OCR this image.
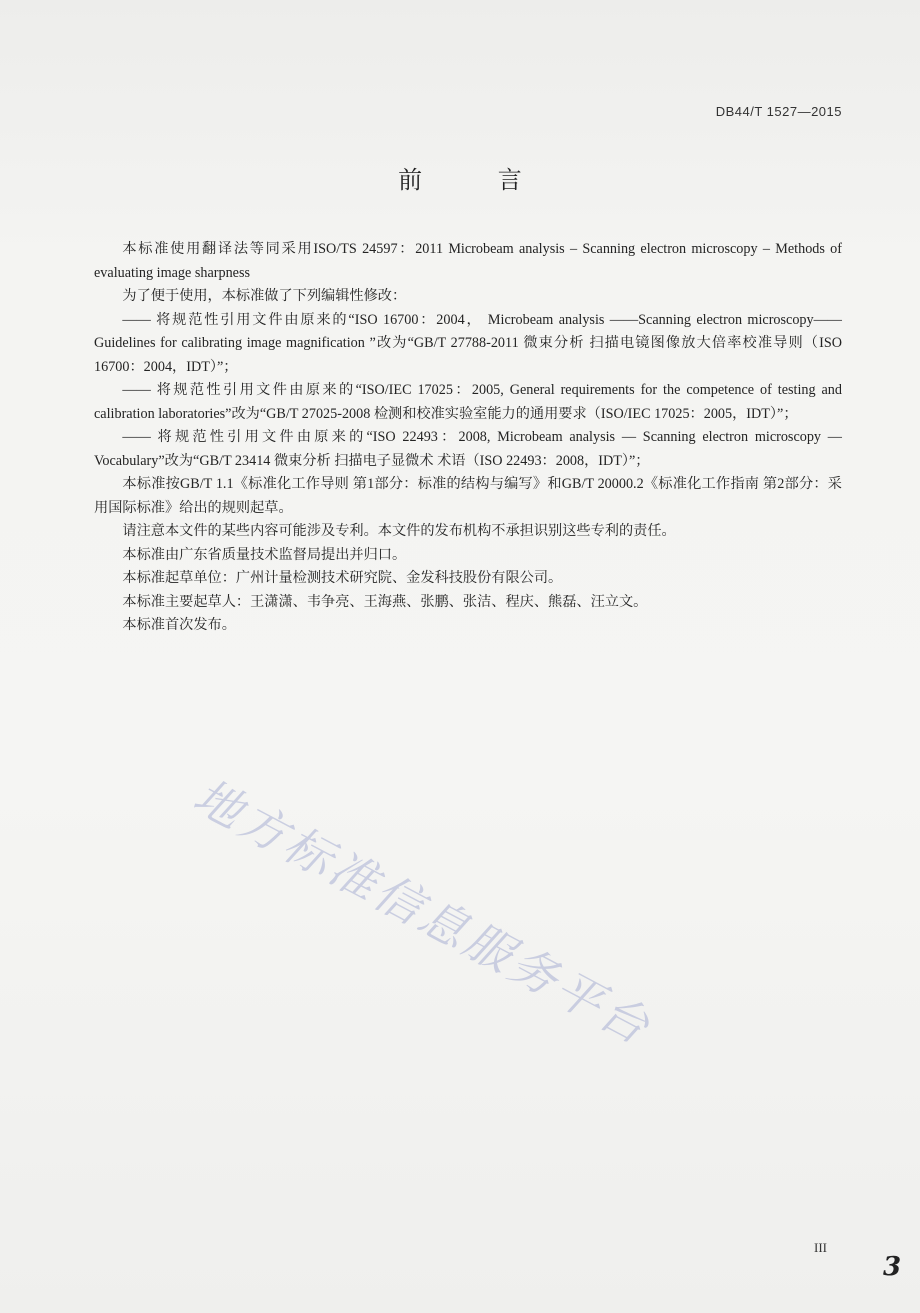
DB44/T 1527—2015
前 言

本标准使用翻译法等同采用ISO/TS 24597：2011 Microbeam analysis – Scanning electron microscopy – Methods of evaluating image sharpness

为了便于使用，本标准做了下列编辑性修改：

—— 将规范性引用文件由原来的“ISO 16700：2004， Microbeam analysis ——Scanning electron microscopy——Guidelines for calibrating image magnification ”改为“GB/T 27788-2011 微束分析 扫描电镜图像放大倍率校准导则（ISO 16700：2004，IDT）”；

—— 将规范性引用文件由原来的“ISO/IEC 17025：2005, General requirements for the competence of testing and calibration laboratories”改为“GB/T 27025-2008 检测和校准实验室能力的通用要求（ISO/IEC 17025：2005，IDT）”；

—— 将规范性引用文件由原来的“ISO 22493：2008, Microbeam analysis — Scanning electron microscopy — Vocabulary”改为“GB/T 23414 微束分析 扫描电子显微术 术语（ISO 22493：2008，IDT）”；

本标准按GB/T 1.1《标准化工作导则 第1部分：标准的结构与编写》和GB/T 20000.2《标准化工作指南 第2部分：采用国际标准》给出的规则起草。

请注意本文件的某些内容可能涉及专利。本文件的发布机构不承担识别这些专利的责任。

本标准由广东省质量技术监督局提出并归口。

本标准起草单位：广州计量检测技术研究院、金发科技股份有限公司。

本标准主要起草人：王潇潇、韦争亮、王海燕、张鹏、张洁、程庆、熊磊、汪立文。

本标准首次发布。

地方标准信息服务平台
III
3
